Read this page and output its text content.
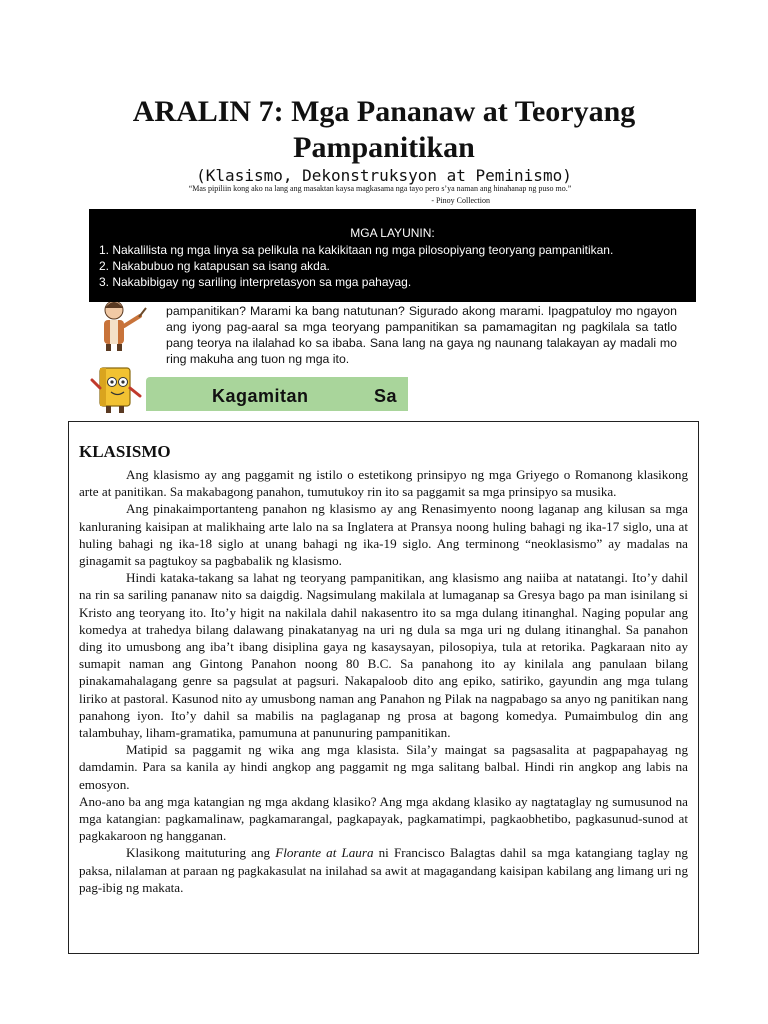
ARALIN 7: Mga Pananaw at Teoryang Pampanitikan
(Klasismo, Dekonstruksyon at Peminismo)
“Mas pipiliin kong ako na lang ang masaktan kaysa magkasama nga tayo pero s’ya naman ang hinahanap ng puso mo.”
- Pinoy Collection
MGA LAYUNIN:
1. Nakalilista ng mga linya sa pelikula na kakikitaan ng mga pilosopiyang teoryang pampanitikan.
2. Nakabubuo ng katapusan sa isang akda.
3. Nakabibigay ng sariling interpretasyon sa mga pahayag.

pampanitikan? Marami ka bang natutunan? Sigurado akong marami. Ipagpatuloy mo ngayon ang iyong pag-aaral sa mga teoryang pampanitikan sa pamamagitan ng pagkilala sa tatlo pang teorya na ilalahad ko sa ibaba. Sana lang na gaya ng naunang talakayan ay madali mo ring makuha ang tuon ng mga ito.

Kagamitan	Sa
KLASISMO

Ang klasismo ay ang paggamit ng istilo o estetikong prinsipyo ng mga Griyego o Romanong klasikong arte at panitikan. Sa makabagong panahon, tumutukoy rin ito sa paggamit sa mga prinsipyo sa musika.

Ang pinakaimportanteng panahon ng klasismo ay ang Renasimyento noong laganap ang kilusan sa mga kanluraning kaisipan at malikhaing arte lalo na sa Inglatera at Pransya noong huling bahagi ng ika-17 siglo, una at huling bahagi ng ika-18 siglo at unang bahagi ng ika-19 siglo. Ang terminong “neoklasismo” ay madalas na ginagamit sa pagtukoy sa pagbabalik ng klasismo.

Hindi kataka-takang sa lahat ng teoryang pampanitikan, ang klasismo ang naiiba at natatangi. Ito’y dahil na rin sa sariling pananaw nito sa daigdig. Nagsimulang makilala at lumaganap sa Gresya bago pa man isinilang si Kristo ang teoryang ito. Ito’y higit na nakilala dahil nakasentro ito sa mga dulang itinanghal. Naging popular ang komedya at trahedya bilang dalawang pinakatanyag na uri ng dula sa mga uri ng dulang itinanghal. Sa panahon ding ito umusbong ang iba’t ibang disiplina gaya ng kasaysayan, pilosopiya, tula at retorika. Pagkaraan nito ay sumapit naman ang Gintong Panahon noong 80 B.C. Sa panahong ito ay kinilala ang panulaan bilang pinakamahalagang genre sa pagsulat at pagsuri. Nakapaloob dito ang epiko, satiriko, gayundin ang mga tulang liriko at pastoral. Kasunod nito ay umusbong naman ang Panahon ng Pilak na nagpabago sa anyo ng panitikan nang panahong iyon. Ito’y dahil sa mabilis na paglaganap ng prosa at bagong komedya. Pumaimbulog din ang talambuhay, liham-gramatika, pamumuna at panunuring pampanitikan.

Matipid sa paggamit ng wika ang mga klasista. Sila’y maingat sa pagsasalita at pagpapahayag ng damdamin. Para sa kanila ay hindi angkop ang paggamit ng mga salitang balbal. Hindi rin angkop ang labis na emosyon.

Ano-ano ba ang mga katangian ng mga akdang klasiko? Ang mga akdang klasiko ay nagtataglay ng sumusunod na mga katangian: pagkamalinaw, pagkamarangal, pagkapayak, pagkamatimpi, pagkaobhetibo, pagkasunud-sunod at pagkakaroon ng hangganan.

Klasikong maituturing ang Florante at Laura ni Francisco Balagtas dahil sa mga katangiang taglay ng paksa, nilalaman at paraan ng pagkakasulat na inilahad sa awit at magagandang kaisipan kabilang ang limang uri ng pag-ibig ng makata.
